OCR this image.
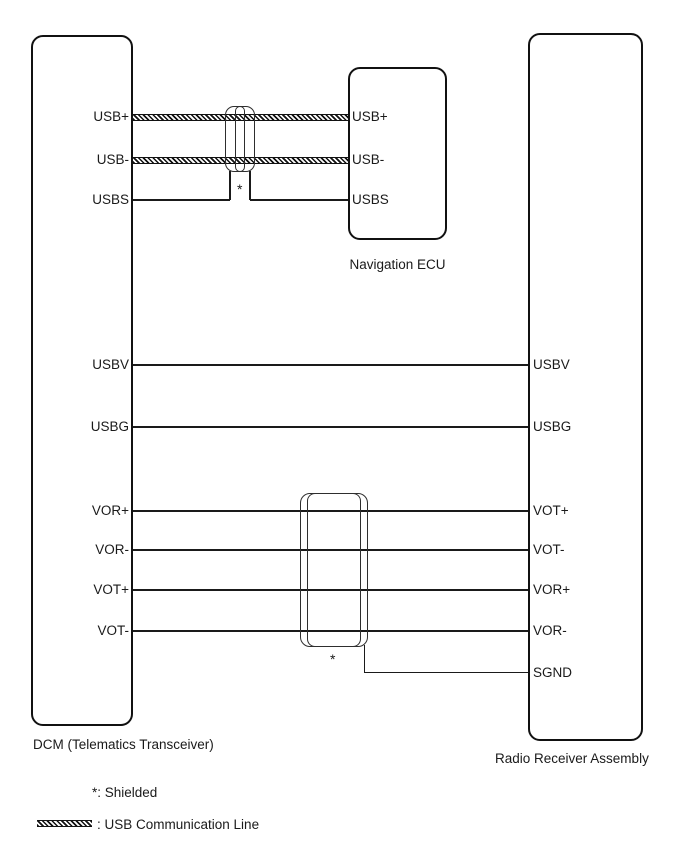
*
*
USB+
USB-
USBS
USBV
USBG
VOR+
VOR-
VOT+
VOT-
USB+
USB-
USBS
USBV
USBG
VOT+
VOT-
VOR+
VOR-
SGND
DCM (Telematics Transceiver)
Navigation ECU
Radio Receiver Assembly
*: Shielded
: USB Communication Line
